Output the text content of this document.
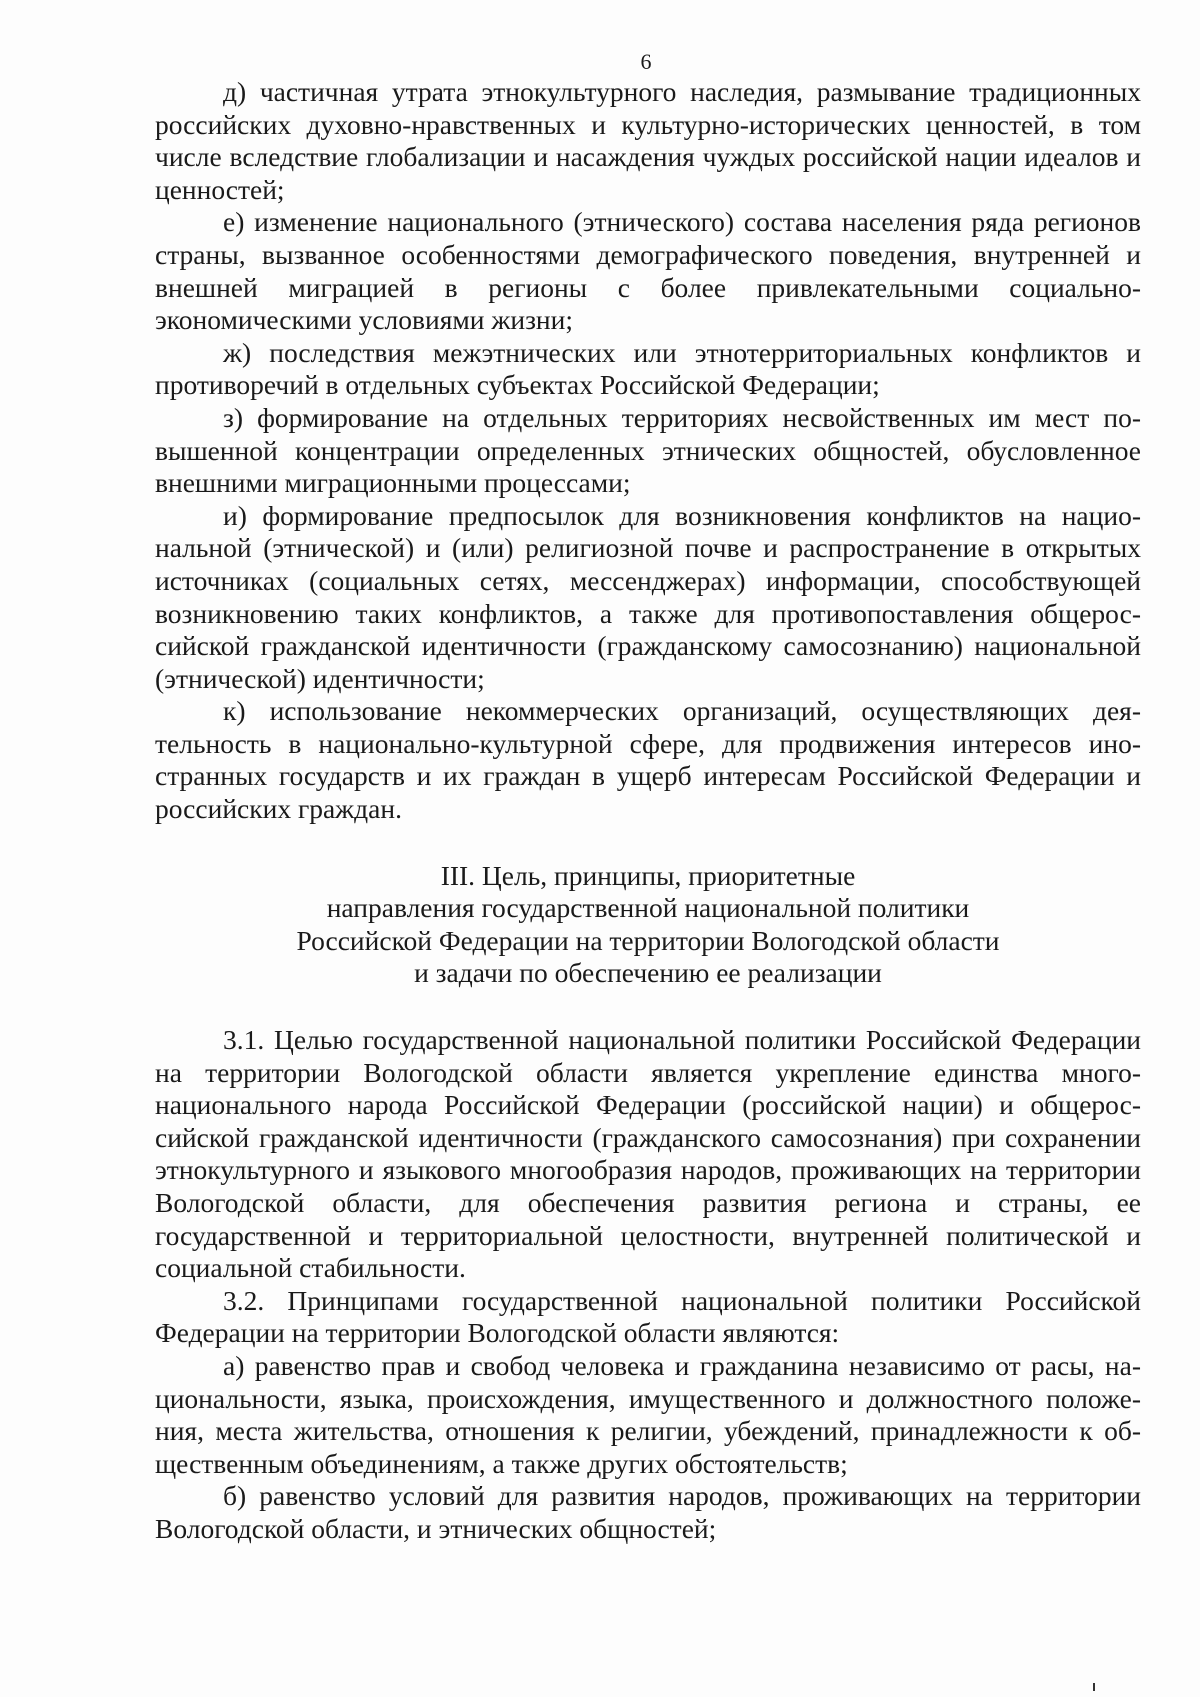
6

д) частичная утрата этнокультурного наследия, размывание традиционных российских духовно-нравственных и культурно-исторических ценностей, в том числе вследствие глобализации и насаждения чуждых российской нации идеалов и ценностей;

е) изменение национального (этнического) состава населения ряда регионов страны, вызванное особенностями демографического поведения, внутренней и внешней миграцией в регионы с более привлекательными социально-экономическими условиями жизни;

ж) последствия межэтнических или этнотерриториальных конфликтов и противоречий в отдельных субъектах Российской Федерации;

з) формирование на отдельных территориях несвойственных им мест повышенной концентрации определенных этнических общностей, обусловленное внешними миграционными процессами;

и) формирование предпосылок для возникновения конфликтов на национальной (этнической) и (или) религиозной почве и распространение в открытых источниках (социальных сетях, мессенджерах) информации, способствующей возникновению таких конфликтов, а также для противопоставления общероссийской гражданской идентичности (гражданскому самосознанию) национальной (этнической) идентичности;

к) использование некоммерческих организаций, осуществляющих деятельность в национально-культурной сфере, для продвижения интересов иностранных государств и их граждан в ущерб интересам Российской Федерации и российских граждан.

III. Цель, принципы, приоритетные
направления государственной национальной политики
Российской Федерации на территории Вологодской области
и задачи по обеспечению ее реализации

3.1. Целью государственной национальной политики Российской Федерации на территории Вологодской области является укрепление единства многонационального народа Российской Федерации (российской нации) и общероссийской гражданской идентичности (гражданского самосознания) при сохранении этнокультурного и языкового многообразия народов, проживающих на территории Вологодской области, для обеспечения развития региона и страны, ее государственной и территориальной целостности, внутренней политической и социальной стабильности.

3.2. Принципами государственной национальной политики Российской Федерации на территории Вологодской области являются:

а) равенство прав и свобод человека и гражданина независимо от расы, национальности, языка, происхождения, имущественного и должностного положения, места жительства, отношения к религии, убеждений, принадлежности к общественным объединениям, а также других обстоятельств;

б) равенство условий для развития народов, проживающих на территории Вологодской области, и этнических общностей;
